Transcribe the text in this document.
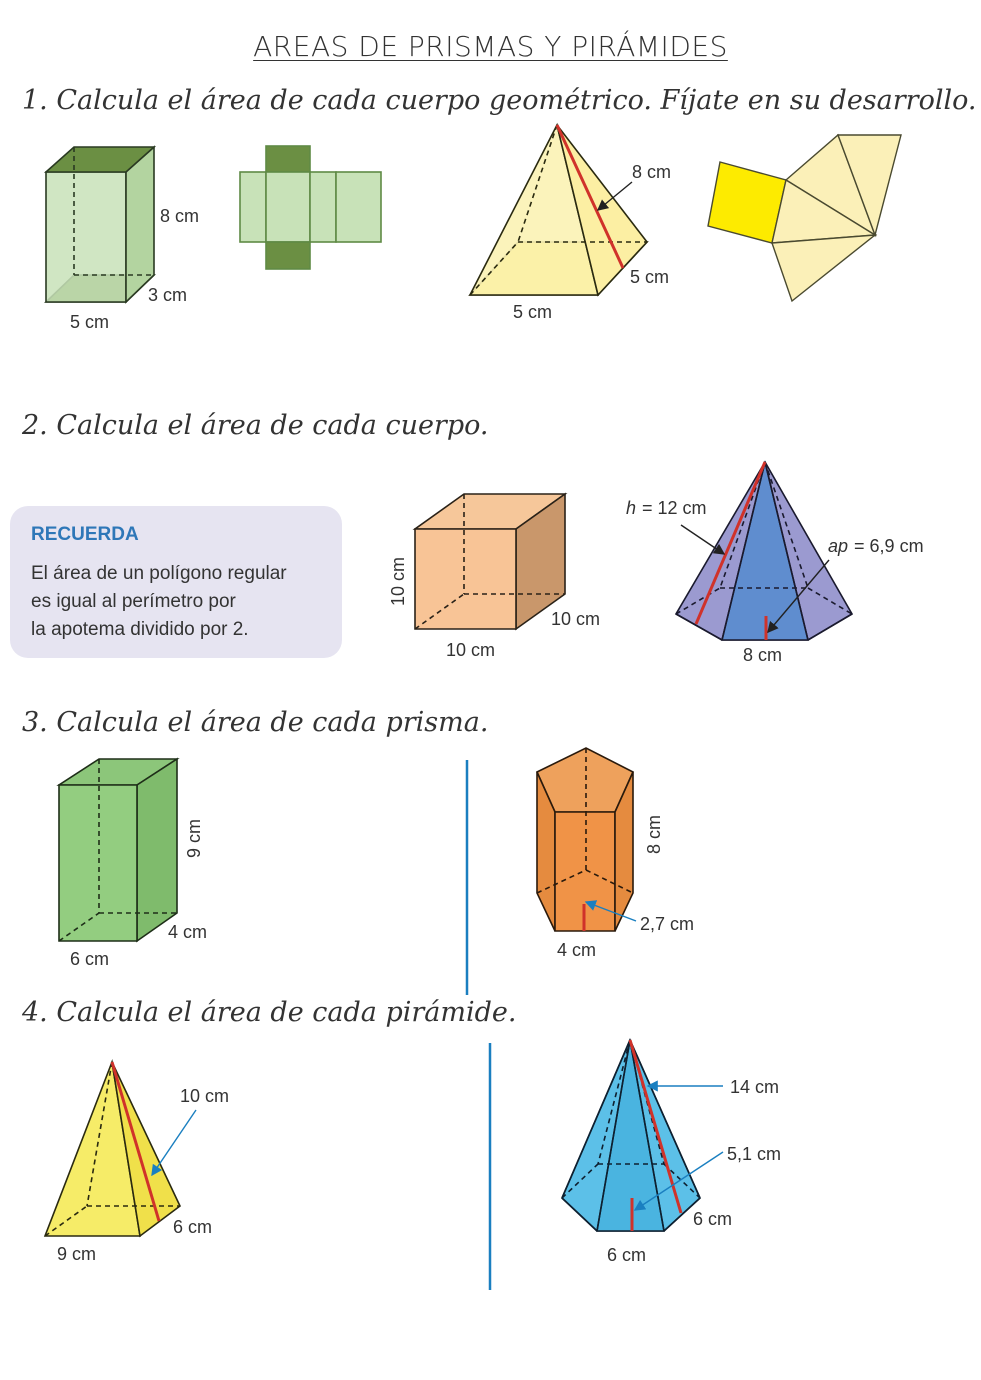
AREAS DE PRISMAS Y PIRÁMIDES
1. Calcula el área de cada cuerpo geométrico. Fíjate en su desarrollo.
2. Calcula el área de cada cuerpo.
3. Calcula el área de cada prisma.
4. Calcula el área de cada pirámide.
RECUERDA
El área de un polígono regular
es igual al perímetro por
la apotema dividido por 2.
8 cm
3 cm
5 cm
8 cm
5 cm
5 cm
10 cm
10 cm
10 cm
h = 12 cm
ap = 6,9 cm
8 cm
9 cm
4 cm
6 cm
8 cm
2,7 cm
4 cm
10 cm
6 cm
9 cm
14 cm
5,1 cm
6 cm
6 cm
